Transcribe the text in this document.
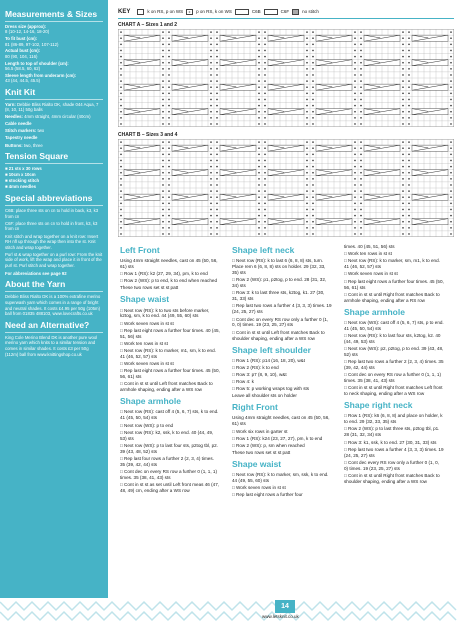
Measurements & Sizes
Dress size (approx):
8 (10-12, 14-16, 18-20)
To fit bust (cm):
81 (86-89, 97-102, 107-112)
Actual bust (cm):
80 (90, 104, 116)
Length to top of shoulder (cm):
56.5 (58.5, 60, 62)
Sleeve length from underarm (cm):
43 (44, 44.5, 45.5)
Knit Kit
Yarn: Debbie Bliss Rialto DK, shade 044 Aqua, 7 (8, 10, 11) 50g balls
Needles: 4mm straight, 4mm circular (40cm)
Cable needle
Stitch markers: two
Tapestry needle
Buttons: two, three
Tension Square
■ 21 sts x 30 rows
■ 10cm x 10cm
■ stocking stitch
■ 4mm needles
Special abbreviations
C6B: place three sts on cn to hold in back, k3, k3 from cn
C6F: place three sts on cn to hold in front, k3, k3 from cn
Knit stitch and wrap together on a knit row: Insert RH nfl up through the wrap then into the st. Knit stitch and wrap together.
Purl st & wrap together on a purl row: From the knit side of work, lift the wrap and place it in front of the purl st. Purl stitch and wrap together.
For abbreviations see page 92
About the Yarn
Debbie Bliss Rialto DK is a 100% extrafine merino superwash yarn which comes in a range of bright and neutral shades. It costs £4.95 per 50g (105m) ball from 01835 488103, www.lovecrafts.co.uk
Need an Alternative?
King Cole Merino Blend DK is another pure wool merino yarn which knits to a similar tension and comes in similar shades. It costs £3 per 50g (112m) ball from www.knittingshop.co.uk
KEY	k on RS, p on WS	p on RS, k on WS	C6B	C6F	no stitch
CHART A – Sizes 1 and 2
CHART B – Sizes 3 and 4
Left Front

Using 4mm straight needles, cast on 45 (50, 56, 61) sts

□ Row 1 (RS): k2 (27, 29, 34), pm, k to end

□ Row 2 (WS): p to end, k to end when reached

These two rows set st st patt

Shape waist

□ Next row (RS): k to two sts before marker, k2tog, sm, k to end. 44 (49, 55, 60) sts

□ Work seven rows in st st

□ Rep last eight rows a further four times. 40 (45, 51, 56) sts

□ Work ten rows in st st

□ Next row (RS): k to marker, m1, sm, k to end. 41 (46, 52, 57) sts

□ Work seven rows in st st

□ Rep last eight rows a further four times. 45 (50, 56, 61) sts

□ Cont in st st until Left front matches Back to armhole shaping, ending after a WS row

Shape armhole

□ Next row (RS): cast off 4 (5, 6, 7) sts, k to end. 41 (45, 50, 54) sts

□ Next row (WS): p to end

□ Next row (RS): k2, ssk, k to end. 40 (44, 49, 53) sts

□ Next row (WS): p to last four sts, p2tog tbl, p2. 39 (43, 48, 52) sts

□ Rep last four rows a further 2 (2, 3, 4) times. 35 (39, 42, 44) sts

□ Cont dec on every RS row a further 0 (1, 1, 1) times. 35 (38, 41, 43) sts

□ Cont in st st as set until Left front meas 46 (47, 48, 49) cm, ending after a WS row

Shape left neck

□ Next row (RS): k to last 6 (6, 8, 8) sts, turn. Place rem 6 (6, 8, 8) sts on holder. 29 (32, 33, 35) sts

□ Row 2 (WS): p1, p2tog, p to end. 28 (31, 32, 34) sts

□ Row 3: k to last three sts, k2tog, k1. 27 (30, 31, 33) sts

□ Rep last two rows a further 4 (3, 3, 3) times. 19 (24, 25, 27) sts

□ Cont dec on every RS row only a further 0 (1, 0, 0) times. 19 (23, 25, 27) sts

□ Cont in st st until Left front matches Back to shoulder shaping, ending after a WS row

Shape left shoulder

□ Row 1 (RS): p14 (16, 18, 20), w&t

□ Row 2 (RS): k to end

□ Row 3: p7 (8, 9, 10), w&t

□ Row 4: k

□ Row 5: p working wraps tog with sts

Leave all shoulder sts on holder

Right Front

Using 4mm straight needles, cast on 45 (50, 56, 61) sts

□ Work six rows in garter st

□ Row 1 (RS): k24 (23, 27, 27), pm, k to end

□ Row 2 (WS): p, sm when reached

These two rows set st st patt

Shape waist

□ Next row (RS): k to marker, sm, ssk, k to end. 44 (49, 55, 60) sts

□ Work seven rows in st st

□ Rep last eight rows a further four

times. 40 (45, 51, 56) sts

□ Work ten rows in st st

□ Next row (RS): k to marker, sm, m1, k to end. 41 (46, 52, 57) sts

□ Work seven rows in st st

□ Rep last eight rows a further four times. 45 (50, 56, 61) sts

□ Cont in st st until Right front matches Back to armhole shaping, ending after a RS row

Shape armhole

□ Next row (WS): cast off 4 (5, 6, 7) sts, p to end. 41 (45, 50, 54) sts

□ Next row (RS): k to last four sts, k2tog, k2. 40 (44, 49, 53) sts

□ Next row (WS): p2, p2tog, p to end. 39 (43, 48, 52) sts

□ Rep last two rows a further 2 (2, 3, 4) times. 35 (39, 42, 44) sts

□ Cont dec on every RS row a further 0 (1, 1, 1) times. 35 (38, 41, 43) sts

□ Cont in st st until Right front matches Left front to neck shaping, ending after a WS row

Shape right neck

□ Row 1 (RS): k6 (6, 8, 8) and place on holder, k to end. 29 (32, 33, 35) sts

□ Row 2 (WS): p to last three sts, p2tog tbl, p1. 28 (31, 32, 34) sts

□ Row 3: k1, ssk, k to end. 27 (30, 31, 33) sts

□ Rep last two rows a further 4 (3, 3, 3) times. 19 (24, 25, 27) sts

□ Cont dec every RS row only a further 0 (1, 0, 0) times. 19 (23, 25, 27) sts

□ Cont in st st until Right front matches Back to shoulder shaping, ending after a WS row

14
www.letsknit.co.uk
